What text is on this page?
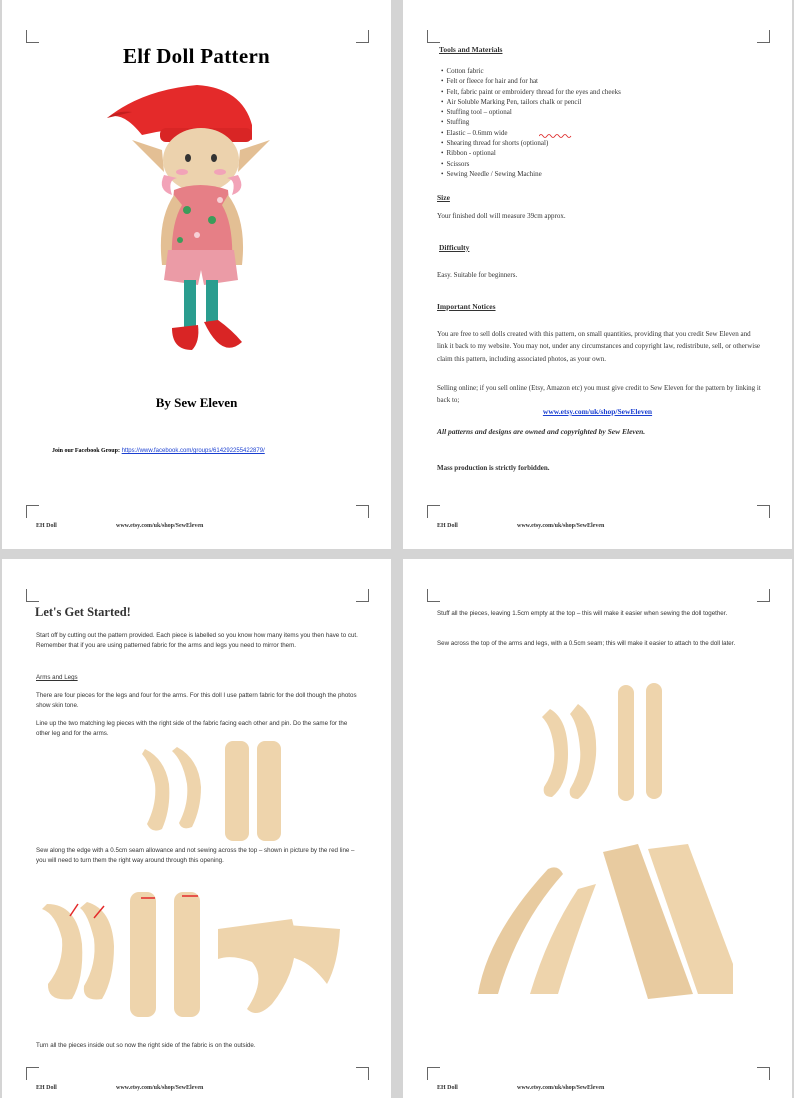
Elf Doll Pattern
By Sew Eleven
Join our Facebook Group: https://www.facebook.com/groups/614292255422879/
EH Doll	www.etsy.com/uk/shop/SewEleven
Tools and Materials
• Cotton fabric
• Felt or fleece for hair and for hat
• Felt, fabric paint or embroidery thread for the eyes and cheeks
• Air Soluble Marking Pen, tailors chalk or pencil
• Stuffing tool – optional
• Stuffing
• Elastic – 0.6mm wide
• Shearing thread for shorts (optional)
• Ribbon - optional
• Scissors
• Sewing Needle / Sewing Machine
Size
Your finished doll will measure 39cm approx.
Difficulty
Easy. Suitable for beginners.
Important Notices
You are free to sell dolls created with this pattern, on small quantities, providing that you credit Sew Eleven and link it back to my website. You may not, under any circumstances and copyright law, redistribute, sell, or otherwise claim this pattern, including associated photos, as your own.
Selling online; if you sell online (Etsy, Amazon etc) you must give credit to Sew Eleven for the pattern by linking it back to;
www.etsy.com/uk/shop/SewEleven
All patterns and designs are owned and copyrighted by Sew Eleven.
Mass production is strictly forbidden.
EH Doll	www.etsy.com/uk/shop/SewEleven
Let's Get Started!
Start off by cutting out the pattern provided. Each piece is labelled so you know how many items you then have to cut. Remember that if you are using patterned fabric for the arms and legs you need to mirror them.
Arms and Legs
There are four pieces for the legs and four for the arms. For this doll I use pattern fabric for the doll though the photos show skin tone.
Line up the two matching leg pieces with the right side of the fabric facing each other and pin. Do the same for the other leg and for the arms.
Sew along the edge with a 0.5cm seam allowance and not sewing across the top – shown in picture by the red line – you will need to turn them the right way around through this opening.
Turn all the pieces inside out so now the right side of the fabric is on the outside.
EH Doll	www.etsy.com/uk/shop/SewEleven
Stuff all the pieces, leaving 1.5cm empty at the top – this will make it easier when sewing the doll together.
Sew across the top of the arms and legs, with a 0.5cm seam; this will make it easier to attach to the doll later.
EH Doll	www.etsy.com/uk/shop/SewEleven
